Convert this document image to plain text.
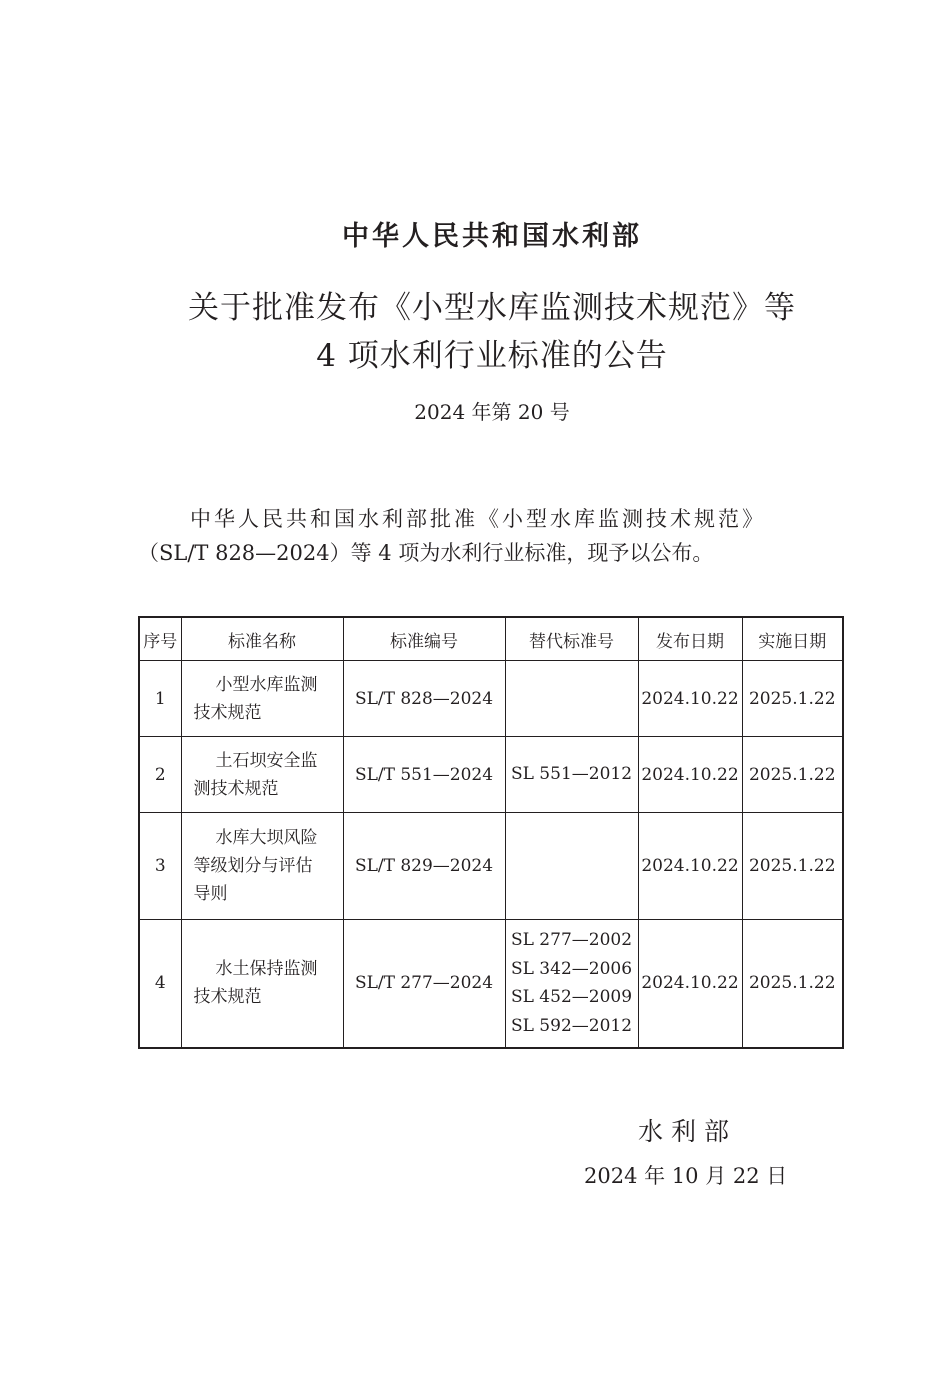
中华人民共和国水利部
关于批准发布《小型水库监测技术规范》等
4 项水利行业标准的公告
2024 年第 20 号
中华人民共和国水利部批准《小型水库监测技术规范》
（SL/T 828—2024）等 4 项为水利行业标准，现予以公布。
序号	标准名称	标准编号	替代标准号	发布日期	实施日期
1	小型水库监测
技术规范	SL/T 828—2024		2024.10.22	2025.1.22
2	土石坝安全监
测技术规范	SL/T 551—2024	SL 551—2012	2024.10.22	2025.1.22
3	水库大坝风险
等级划分与评估
导则	SL/T 829—2024		2024.10.22	2025.1.22
4	水土保持监测
技术规范	SL/T 277—2024	SL 277—2002
SL 342—2006
SL 452—2009
SL 592—2012	2024.10.22	2025.1.22
水利部
2024 年 10 月 22 日
